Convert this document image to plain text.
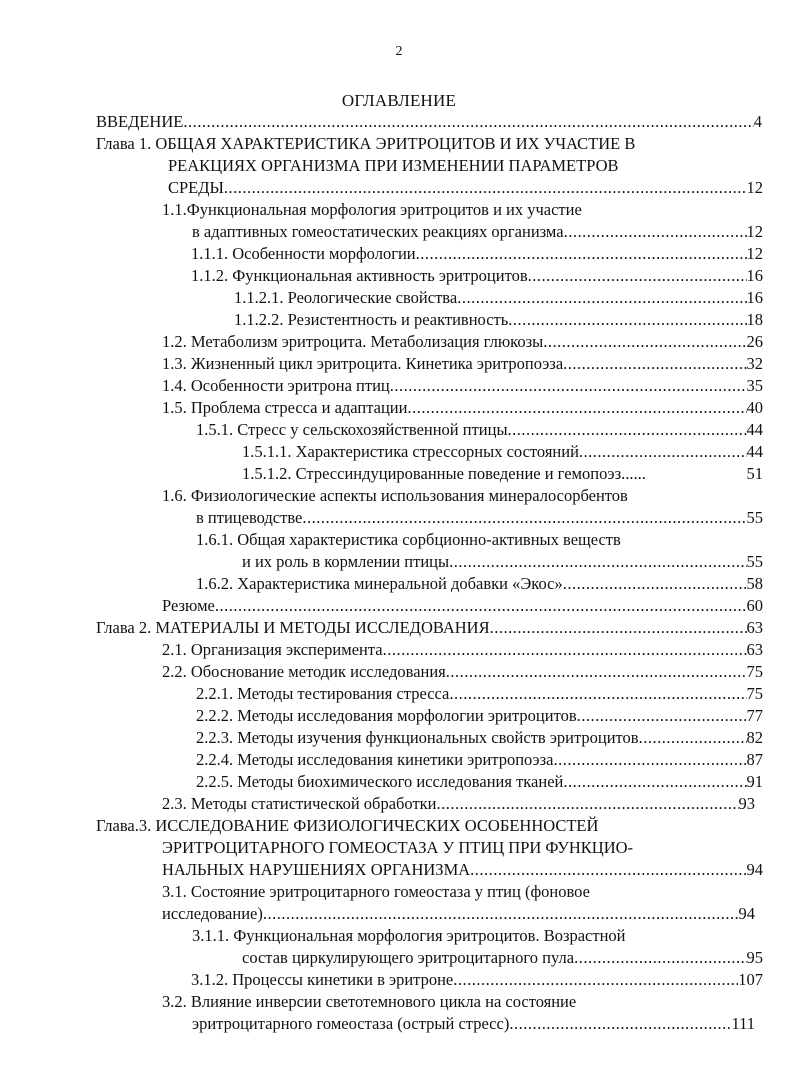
2
ОГЛАВЛЕНИЕ
ВВЕДЕНИЕ .....	4
Глава 1. ОБЩАЯ ХАРАКТЕРИСТИКА ЭРИТРОЦИТОВ И ИХ УЧАСТИЕ В
РЕАКЦИЯХ ОРГАНИЗМА ПРИ ИЗМЕНЕНИИ ПАРАМЕТРОВ
СРЕДЫ .....	12
1.1.Функциональная морфология эритроцитов и их участие
в адаптивных гомеостатических реакциях организма .....	12
1.1.1. Особенности морфологии .....	12
1.1.2. Функциональная активность эритроцитов .....	16
1.1.2.1. Реологические свойства .....	16
1.1.2.2. Резистентность и реактивность .....	18
1.2. Метаболизм эритроцита. Метаболизация глюкозы .....	26
1.3. Жизненный цикл эритроцита. Кинетика эритропоэза .....	32
1.4. Особенности эритрона птиц .....	35
1.5. Проблема стресса и адаптации .....	40
1.5.1. Стресс у сельскохозяйственной птицы .....	44
1.5.1.1. Характеристика стрессорных состояний .....	44
1.5.1.2. Стрессиндуцированные поведение и гемопоэз......	51
1.6. Физиологические аспекты использования минералосорбентов
в птицеводстве .....	55
1.6.1. Общая характеристика сорбционно-активных веществ
и их роль в кормлении птицы .....	55
1.6.2. Характеристика минеральной добавки «Экос» .....	58
Резюме .....	60
Глава 2. МАТЕРИАЛЫ И МЕТОДЫ ИССЛЕДОВАНИЯ .....	63
2.1. Организация эксперимента .....	63
2.2. Обоснование методик исследования .....	75
2.2.1. Методы тестирования стресса .....	75
2.2.2. Методы исследования морфологии эритроцитов .....	77
2.2.3. Методы изучения функциональных свойств эритроцитов .....	82
2.2.4. Методы исследования кинетики эритропоэза .....	87
2.2.5. Методы биохимического исследования тканей .....	91
2.3. Методы статистической обработки .....	93
Глава.3. ИССЛЕДОВАНИЕ ФИЗИОЛОГИЧЕСКИХ ОСОБЕННОСТЕЙ
ЭРИТРОЦИТАРНОГО ГОМЕОСТАЗА У ПТИЦ ПРИ ФУНКЦИО-
НАЛЬНЫХ НАРУШЕНИЯХ ОРГАНИЗМА .....	94
3.1. Состояние эритроцитарного гомеостаза у птиц (фоновое
исследование) .....	94
3.1.1. Функциональная морфология эритроцитов. Возрастной
состав циркулирующего эритроцитарного пула .....	95
3.1.2. Процессы кинетики в эритроне .....	107
3.2. Влияние инверсии светотемнового цикла на состояние
эритроцитарного гомеостаза (острый стресс) .....	111
